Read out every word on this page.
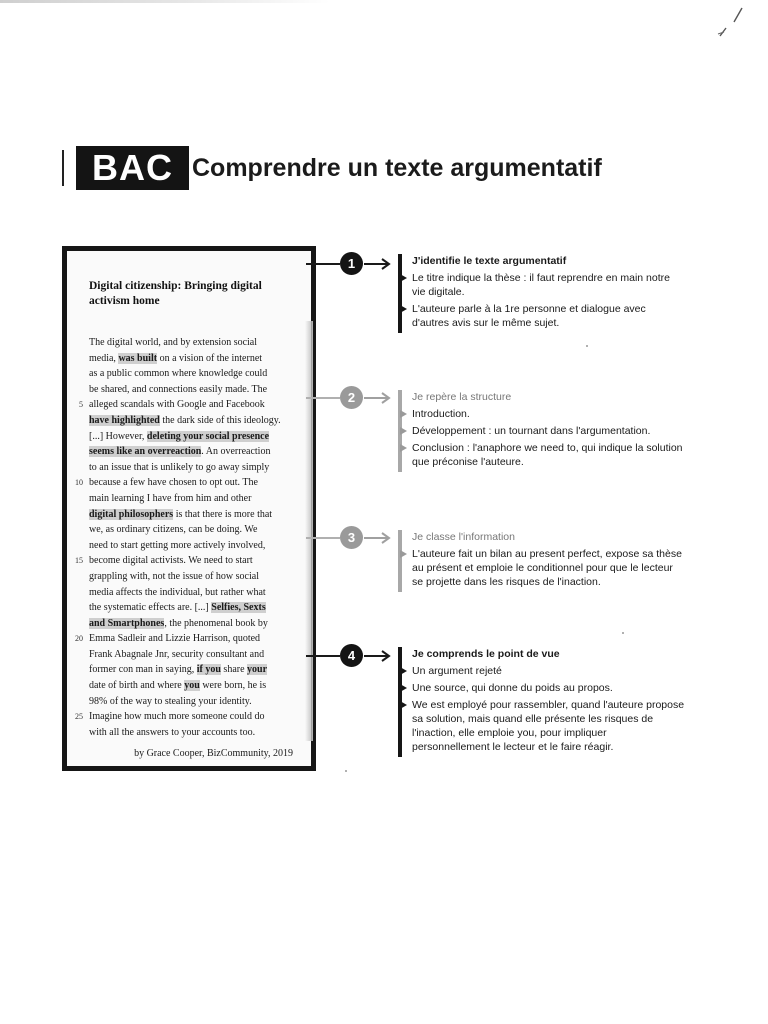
BAC Comprendre un texte argumentatif
Digital citizenship: Bringing digital activism home
The digital world, and by extension social
media, was built on a vision of the internet
as a public common where knowledge could
be shared, and connections easily made. The
5 alleged scandals with Google and Facebook
have highlighted the dark side of this ideology.
[...] However, deleting your social presence
seems like an overreaction. An overreaction
to an issue that is unlikely to go away simply
10 because a few have chosen to opt out. The
main learning I have from him and other
digital philosophers is that there is more that
we, as ordinary citizens, can be doing. We
need to start getting more actively involved,
15 become digital activists. We need to start
grappling with, not the issue of how social
media affects the individual, but rather what
the systematic effects are. [...] Selfies, Sexts
and Smartphones, the phenomenal book by
20 Emma Sadleir and Lizzie Harrison, quoted
Frank Abagnale Jnr, security consultant and
former con man in saying, if you share your
date of birth and where you were born, he is
98% of the way to stealing your identity.
25 Imagine how much more someone could do
with all the answers to your accounts too.
by Grace Cooper, BizCommunity, 2019
1	J'identifie le texte argumentatif
Le titre indique la thèse : il faut reprendre en main notre vie digitale.
L'auteure parle à la 1re personne et dialogue avec d'autres avis sur le même sujet.
2	Je repère la structure
Introduction.
Développement : un tournant dans l'argumentation.
Conclusion : l'anaphore we need to, qui indique la solution que préconise l'auteure.
3	Je classe l'information
L'auteure fait un bilan au present perfect, expose sa thèse au présent et emploie le conditionnel pour que le lecteur se projette dans les risques de l'inaction.
4	Je comprends le point de vue
Un argument rejeté
Une source, qui donne du poids au propos.
We est employé pour rassembler, quand l'auteure propose sa solution, mais quand elle présente les risques de l'inaction, elle emploie you, pour impliquer personnellement le lecteur et le faire réagir.
